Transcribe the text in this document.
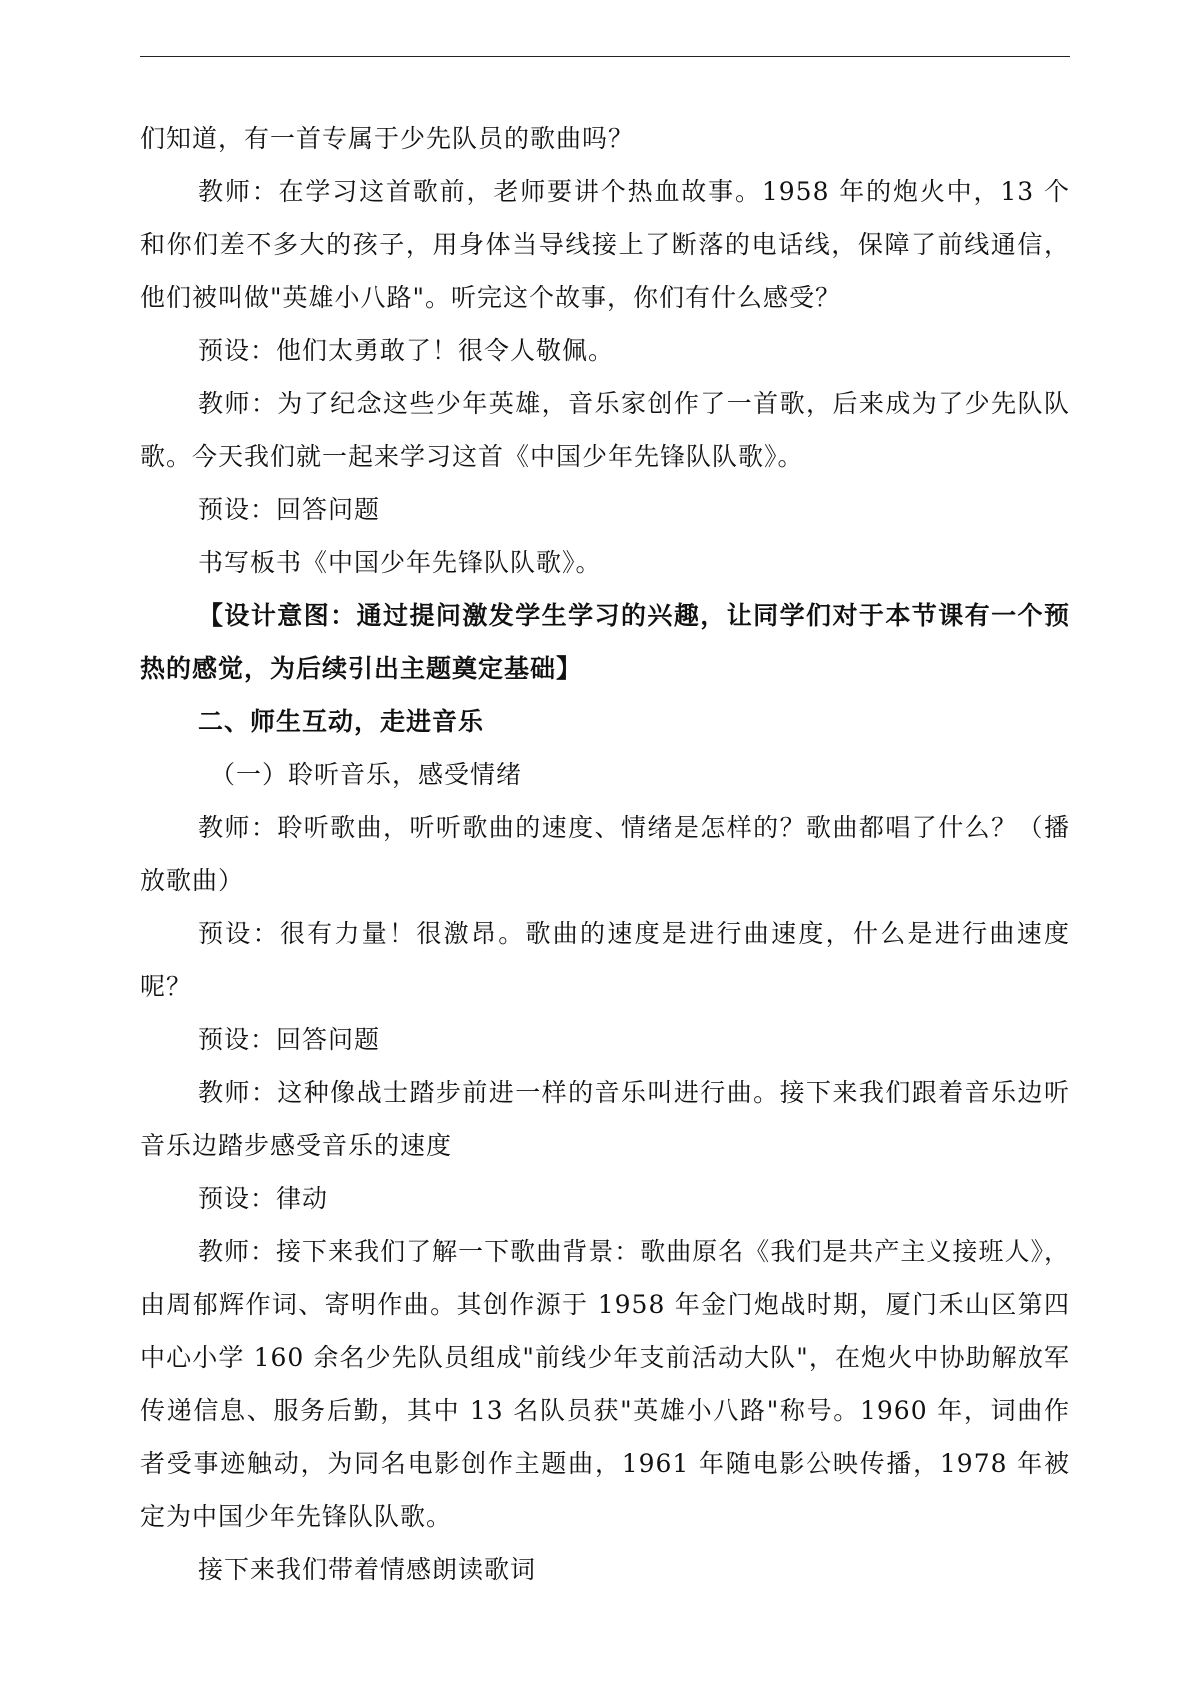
们知道，有一首专属于少先队员的歌曲吗？

教师：在学习这首歌前，老师要讲个热血故事。1958 年的炮火中，13 个和你们差不多大的孩子，用身体当导线接上了断落的电话线，保障了前线通信，他们被叫做"英雄小八路"。听完这个故事，你们有什么感受？

预设：他们太勇敢了！很令人敬佩。

教师：为了纪念这些少年英雄，音乐家创作了一首歌，后来成为了少先队队歌。今天我们就一起来学习这首《中国少年先锋队队歌》。

预设：回答问题

书写板书《中国少年先锋队队歌》。

【设计意图：通过提问激发学生学习的兴趣，让同学们对于本节课有一个预热的感觉，为后续引出主题奠定基础】

二、师生互动，走进音乐

（一）聆听音乐，感受情绪

教师：聆听歌曲，听听歌曲的速度、情绪是怎样的？歌曲都唱了什么？（播放歌曲）

预设：很有力量！很激昂。歌曲的速度是进行曲速度，什么是进行曲速度呢？

预设：回答问题

教师：这种像战士踏步前进一样的音乐叫进行曲。接下来我们跟着音乐边听音乐边踏步感受音乐的速度

预设：律动

教师：接下来我们了解一下歌曲背景：歌曲原名《我们是共产主义接班人》，由周郁辉作词、寄明作曲。其创作源于 1958 年金门炮战时期，厦门禾山区第四中心小学 160 余名少先队员组成"前线少年支前活动大队"，在炮火中协助解放军传递信息、服务后勤，其中 13 名队员获"英雄小八路"称号。1960 年，词曲作者受事迹触动，为同名电影创作主题曲，1961 年随电影公映传播，1978 年被定为中国少年先锋队队歌。

接下来我们带着情感朗读歌词
